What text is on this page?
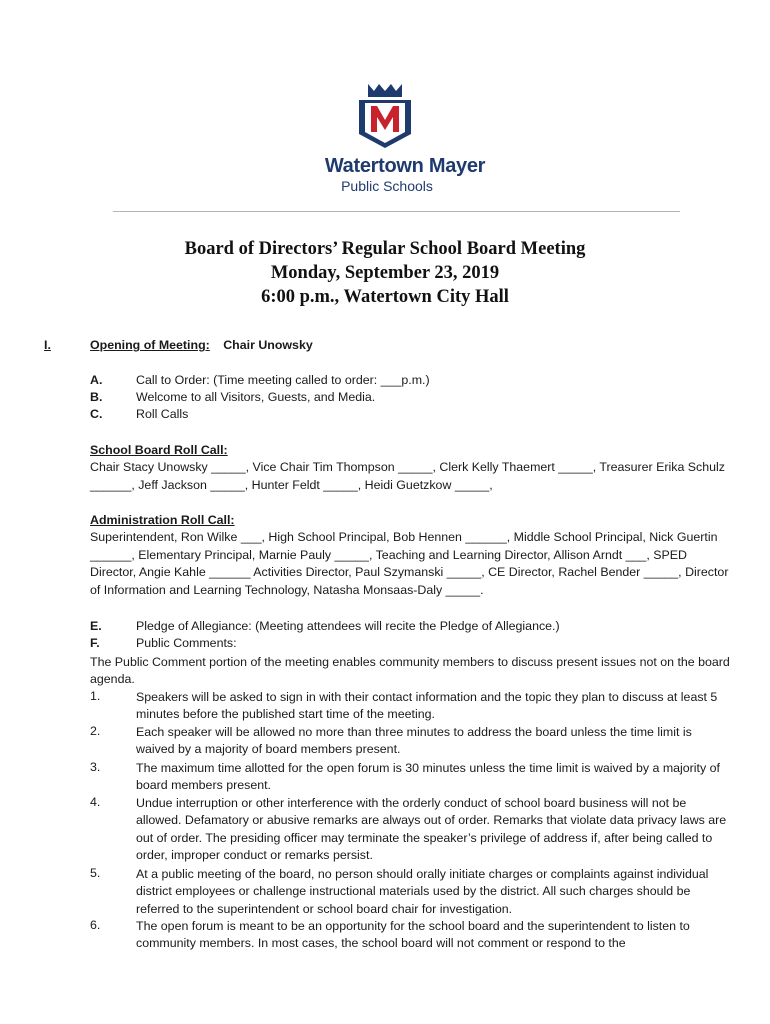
Watertown Mayer
Public Schools
Board of Directors’ Regular School Board Meeting
Monday, September 23, 2019
6:00 p.m., Watertown City Hall
I.	Opening of Meeting: Chair Unowsky
A.	Call to Order: (Time meeting called to order: ___p.m.)
B.	Welcome to all Visitors, Guests, and Media.
C.	Roll Calls
School Board Roll Call:
Chair Stacy Unowsky _____, Vice Chair Tim Thompson _____, Clerk Kelly Thaemert _____, Treasurer Erika Schulz ______, Jeff Jackson _____, Hunter Feldt _____, Heidi Guetzkow _____,
Administration Roll Call:
Superintendent, Ron Wilke ___, High School Principal, Bob Hennen ______, Middle School Principal, Nick Guertin ______, Elementary Principal, Marnie Pauly _____, Teaching and Learning Director, Allison Arndt ___, SPED Director, Angie Kahle ______ Activities Director, Paul Szymanski _____, CE Director, Rachel Bender _____, Director of Information and Learning Technology, Natasha Monsaas-Daly _____.
E.	Pledge of Allegiance: (Meeting attendees will recite the Pledge of Allegiance.)
F.	Public Comments:
The Public Comment portion of the meeting enables community members to discuss present issues not on the board agenda.
1.	Speakers will be asked to sign in with their contact information and the topic they plan to discuss at least 5 minutes before the published start time of the meeting.
2.	Each speaker will be allowed no more than three minutes to address the board unless the time limit is waived by a majority of board members present.
3.	The maximum time allotted for the open forum is 30 minutes unless the time limit is waived by a majority of board members present.
4.	Undue interruption or other interference with the orderly conduct of school board business will not be allowed. Defamatory or abusive remarks are always out of order. Remarks that violate data privacy laws are out of order. The presiding officer may terminate the speaker’s privilege of address if, after being called to order, improper conduct or remarks persist.
5.	At a public meeting of the board, no person should orally initiate charges or complaints against individual district employees or challenge instructional materials used by the district. All such charges should be referred to the superintendent or school board chair for investigation.
6.	The open forum is meant to be an opportunity for the school board and the superintendent to listen to community members. In most cases, the school board will not comment or respond to the
